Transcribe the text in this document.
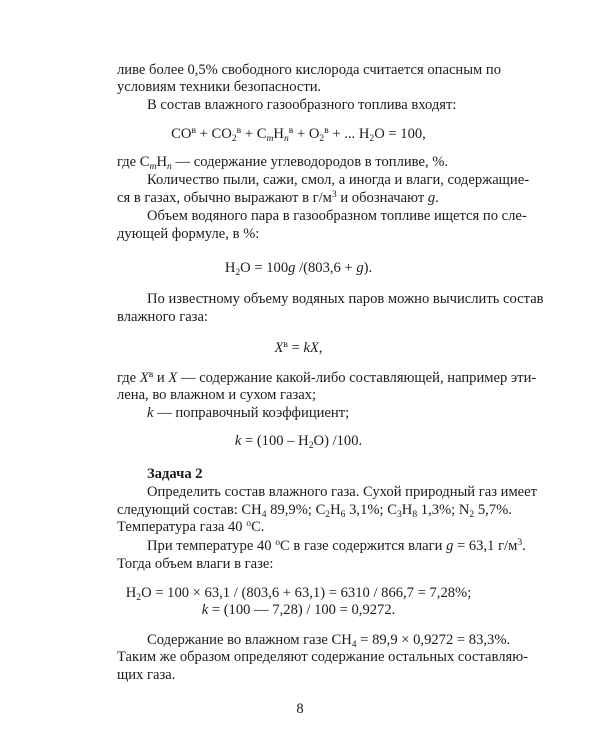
ливе более 0,5% свободного кислорода считается опасным по
условиям техники безопасности.
В состав влажного газообразного топлива входят:
$CO^в + CO_2^в + C_mH_n^в + O_2^в$ + ... $H_2O = 100$,
где $C_mH_n$ — содержание углеводородов в топливе, %.
Количество пыли, сажи, смол, а иногда и влаги, содержащие-
ся в газах, обычно выражают в $г/м^3$ и обозначают g.
Объем водяного пара в газообразном топливе ищется по сле-
дующей формуле, в %:
$H_2O = 100g$ /(803,6 + g).
По известному объему водяных паров можно вычислить состав
влажного газа:
$X^в$ = kX,
где $X^в$ и X — содержание какой-либо составляющей, например эти-
лена, во влажном и сухом газах;
k — поправочный коэффициент;
$k = (100 - H_2O)$ /100.
Задача 2
Определить состав влажного газа. Сухой природный газ имеет
следующий состав: $CH_4$ 89,9%; $C_2H_6$ 3,1%; $C_3H_8$ 1,3%; $N_2$ 5,7%.
Температура газа 40 $^о$С.
При температуре 40 $^о$С в газе содержится влаги g = 63,1 $г/м^3$.
Тогда объем влаги в газе:
$H_2O = 100 \times 63,1 / (803,6 + 63,1) = 6310 / 866,7 = 7,28\%$;
k = (100 — 7,28) / 100 = 0,9272.
Содержание во влажном газе $CH_4 = 89,9 \times 0,9272 = 83,3\%$.
Таким же образом определяют содержание остальных составляю-
щих газа.
8
